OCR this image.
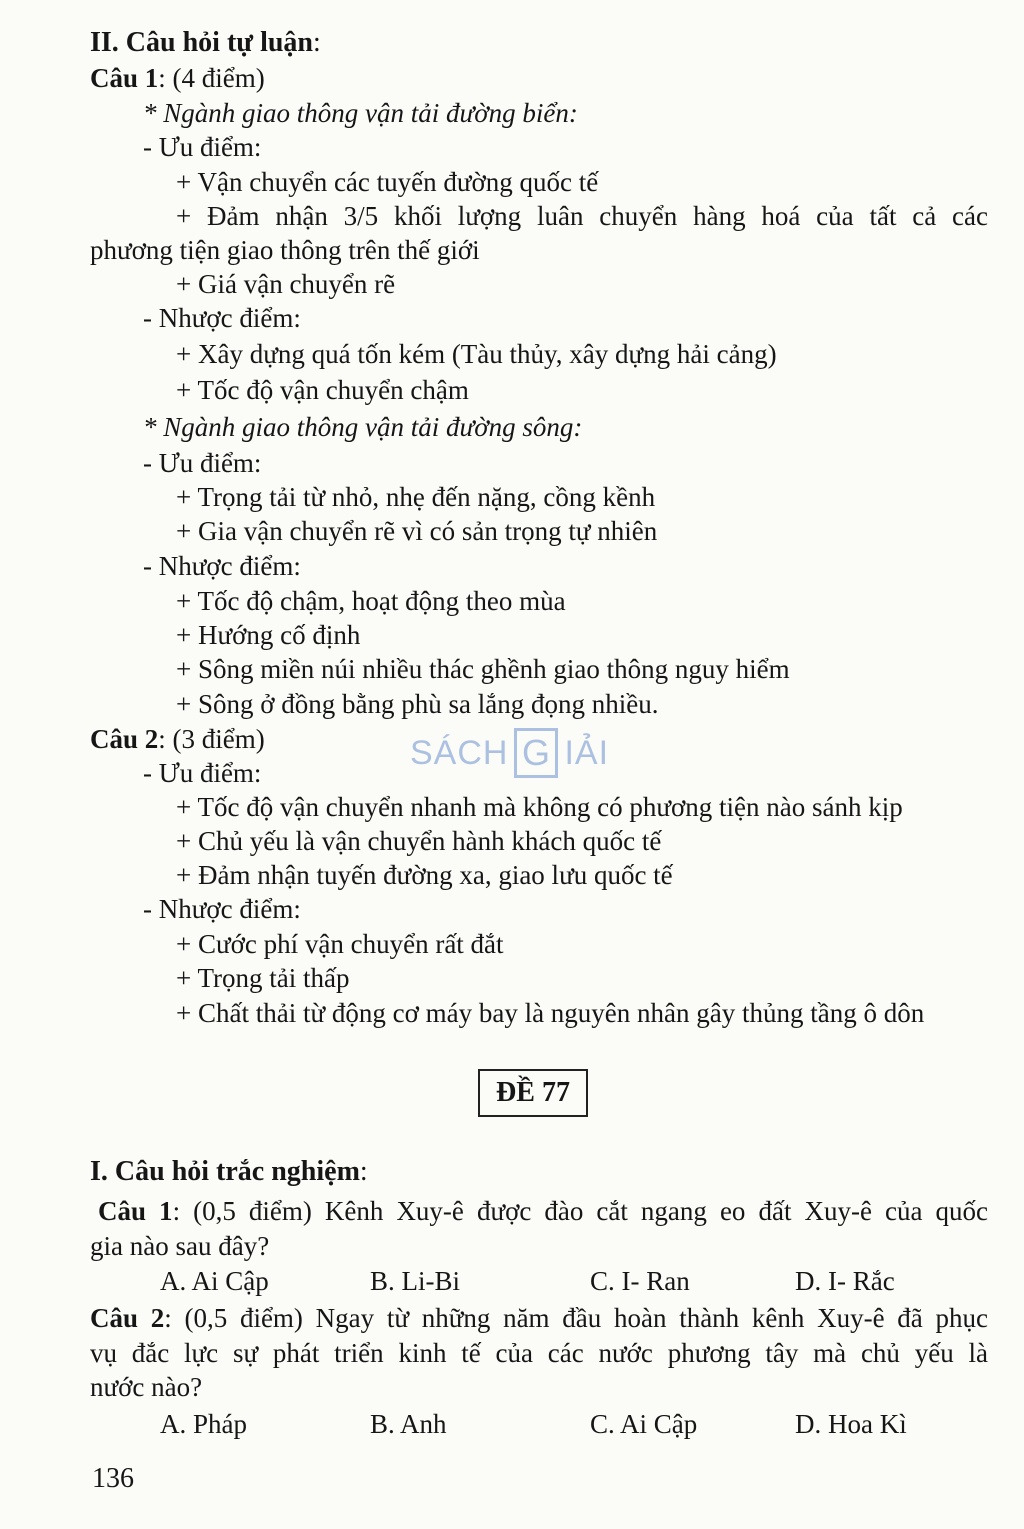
II. Câu hỏi tự luận:
Câu 1: (4 điểm)
* Ngành giao thông vận tải đường biển:
- Ưu điểm:
+ Vận chuyển các tuyến đường quốc tế
+ Đảm nhận 3/5 khối lượng luân chuyển hàng hoá của tất cả các
phương tiện giao thông trên thế giới
+ Giá vận chuyển rẽ
- Nhược điểm:
+ Xây dựng quá tốn kém (Tàu thủy, xây dựng hải cảng)
+ Tốc độ vận chuyển chậm
* Ngành giao thông vận tải đường sông:
- Ưu điểm:
+ Trọng tải từ nhỏ, nhẹ đến nặng, cồng kềnh
+ Gia vận chuyển rẽ vì có sản trọng tự nhiên
- Nhược điểm:
+ Tốc độ chậm, hoạt động theo mùa
+ Hướng cố định
+ Sông miền núi nhiều thác ghềnh giao thông nguy hiểm
+ Sông ở đồng bằng phù sa lắng đọng nhiều.
SÁCH G IẢI
Câu 2: (3 điểm)
- Ưu điểm:
+ Tốc độ vận chuyển nhanh mà không có phương tiện nào sánh kịp
+ Chủ yếu là vận chuyển hành khách quốc tế
+ Đảm nhận tuyến đường xa, giao lưu quốc tế
- Nhược điểm:
+ Cước phí vận chuyển rất đắt
+ Trọng tải thấp
+ Chất thải từ động cơ máy bay là nguyên nhân gây thủng tầng ô dôn
ĐỀ 77
I. Câu hỏi trắc nghiệm:
Câu 1: (0,5 điểm) Kênh Xuy-ê được đào cắt ngang eo đất Xuy-ê của quốc
gia nào sau đây?
A. Ai Cập	B. Li-Bi	C. I- Ran	D. I- Rắc
Câu 2: (0,5 điểm) Ngay từ những năm đầu hoàn thành kênh Xuy-ê đã phục
vụ đắc lực sự phát triển kinh tế của các nước phương tây mà chủ yếu là
nước nào?
A. Pháp	B. Anh	C. Ai Cập	D. Hoa Kì
136
